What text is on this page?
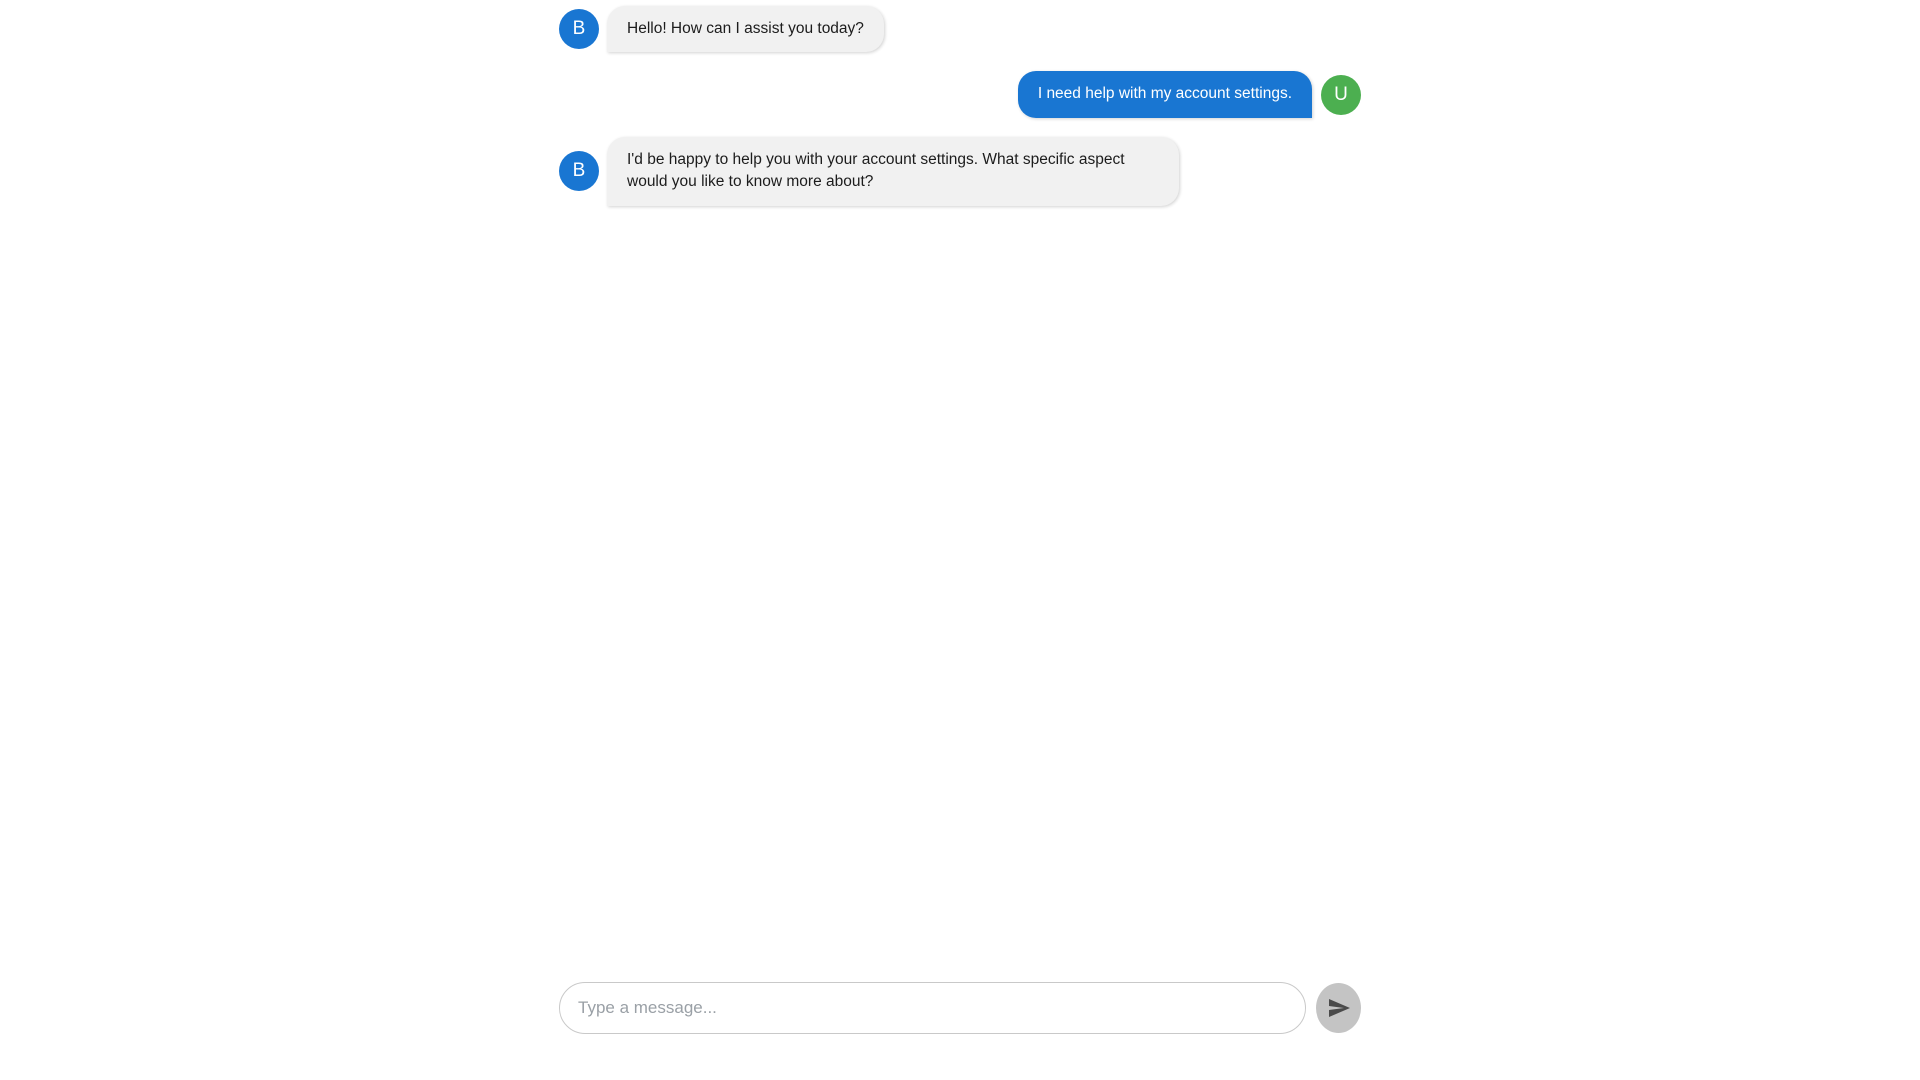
B	Hello! How can I assist you today?
I need help with my account settings.	U
B
I'd be happy to help you with your account settings. What specific aspect would you like to know more about?
Type a message...
